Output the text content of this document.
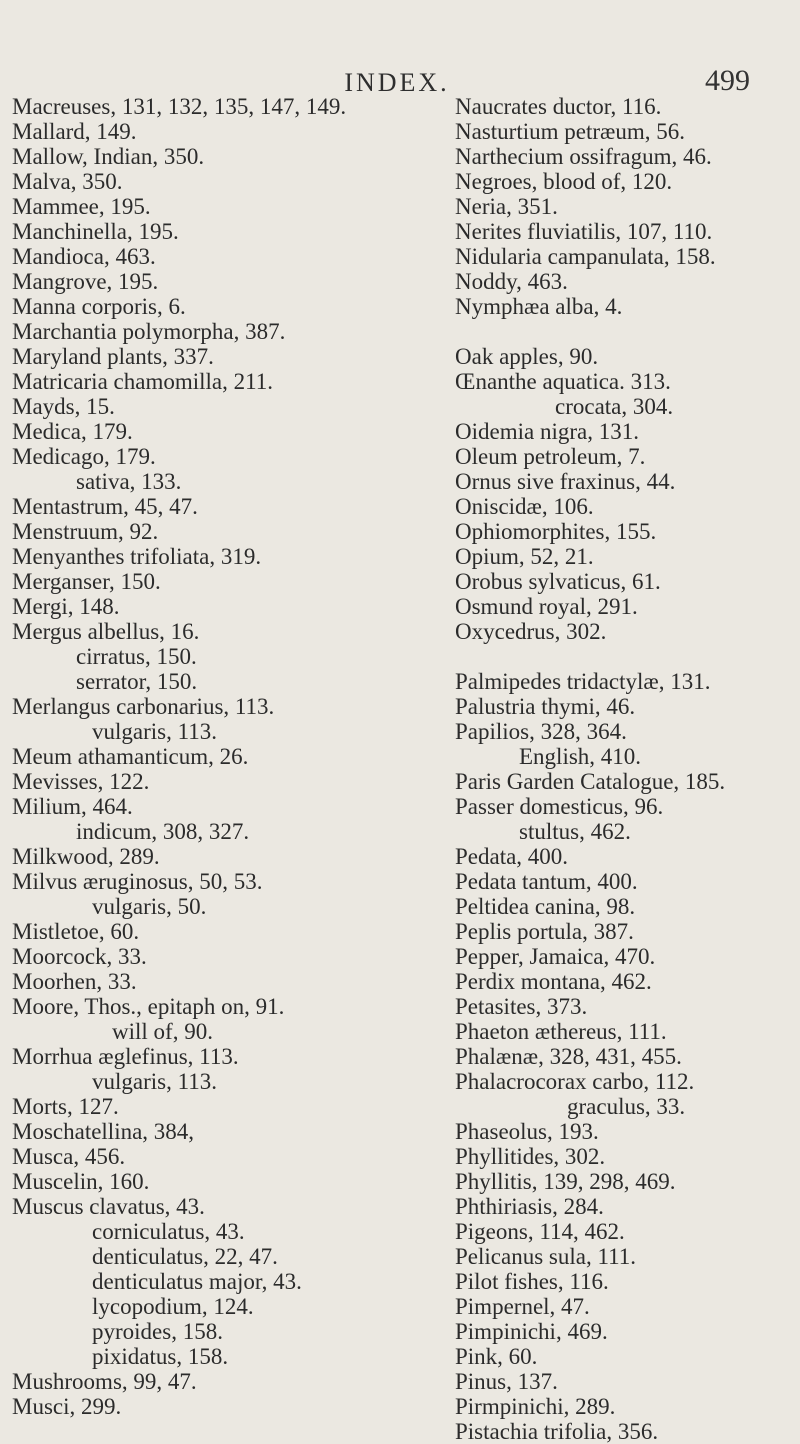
INDEX.	499
Macreuses, 131, 132, 135, 147, 149.
Mallard, 149.
Mallow, Indian, 350.
Malva, 350.
Mammee, 195.
Manchinella, 195.
Mandioca, 463.
Mangrove, 195.
Manna corporis, 6.
Marchantia polymorpha, 387.
Maryland plants, 337.
Matricaria chamomilla, 211.
Mayds, 15.
Medica, 179.
Medicago, 179.
sativa, 133.
Mentastrum, 45, 47.
Menstruum, 92.
Menyanthes trifoliata, 319.
Merganser, 150.
Mergi, 148.
Mergus albellus, 16.
cirratus, 150.
serrator, 150.
Merlangus carbonarius, 113.
vulgaris, 113.
Meum athamanticum, 26.
Mevisses, 122.
Milium, 464.
indicum, 308, 327.
Milkwood, 289.
Milvus æruginosus, 50, 53.
vulgaris, 50.
Mistletoe, 60.
Moorcock, 33.
Moorhen, 33.
Moore, Thos., epitaph on, 91.
will of, 90.
Morrhua æglefinus, 113.
vulgaris, 113.
Morts, 127.
Moschatellina, 384,
Musca, 456.
Muscelin, 160.
Muscus clavatus, 43.
corniculatus, 43.
denticulatus, 22, 47.
denticulatus major, 43.
lycopodium, 124.
pyroides, 158.
pixidatus, 158.
Mushrooms, 99, 47.
Musci, 299.
Naucrates ductor, 116.
Nasturtium petræum, 56.
Narthecium ossifragum, 46.
Negroes, blood of, 120.
Neria, 351.
Nerites fluviatilis, 107, 110.
Nidularia campanulata, 158.
Noddy, 463.
Nymphæa alba, 4.
Oak apples, 90.
Œnanthe aquatica. 313.
crocata, 304.
Oidemia nigra, 131.
Oleum petroleum, 7.
Ornus sive fraxinus, 44.
Oniscidæ, 106.
Ophiomorphites, 155.
Opium, 52, 21.
Orobus sylvaticus, 61.
Osmund royal, 291.
Oxycedrus, 302.
Palmipedes tridactylæ, 131.
Palustria thymi, 46.
Papilios, 328, 364.
English, 410.
Paris Garden Catalogue, 185.
Passer domesticus, 96.
stultus, 462.
Pedata, 400.
Pedata tantum, 400.
Peltidea canina, 98.
Peplis portula, 387.
Pepper, Jamaica, 470.
Perdix montana, 462.
Petasites, 373.
Phaeton æthereus, 111.
Phalænæ, 328, 431, 455.
Phalacrocorax carbo, 112.
graculus, 33.
Phaseolus, 193.
Phyllitides, 302.
Phyllitis, 139, 298, 469.
Phthiriasis, 284.
Pigeons, 114, 462.
Pelicanus sula, 111.
Pilot fishes, 116.
Pimpernel, 47.
Pimpinichi, 469.
Pink, 60.
Pinus, 137.
Pirmpinichi, 289.
Pistachia trifolia, 356.
